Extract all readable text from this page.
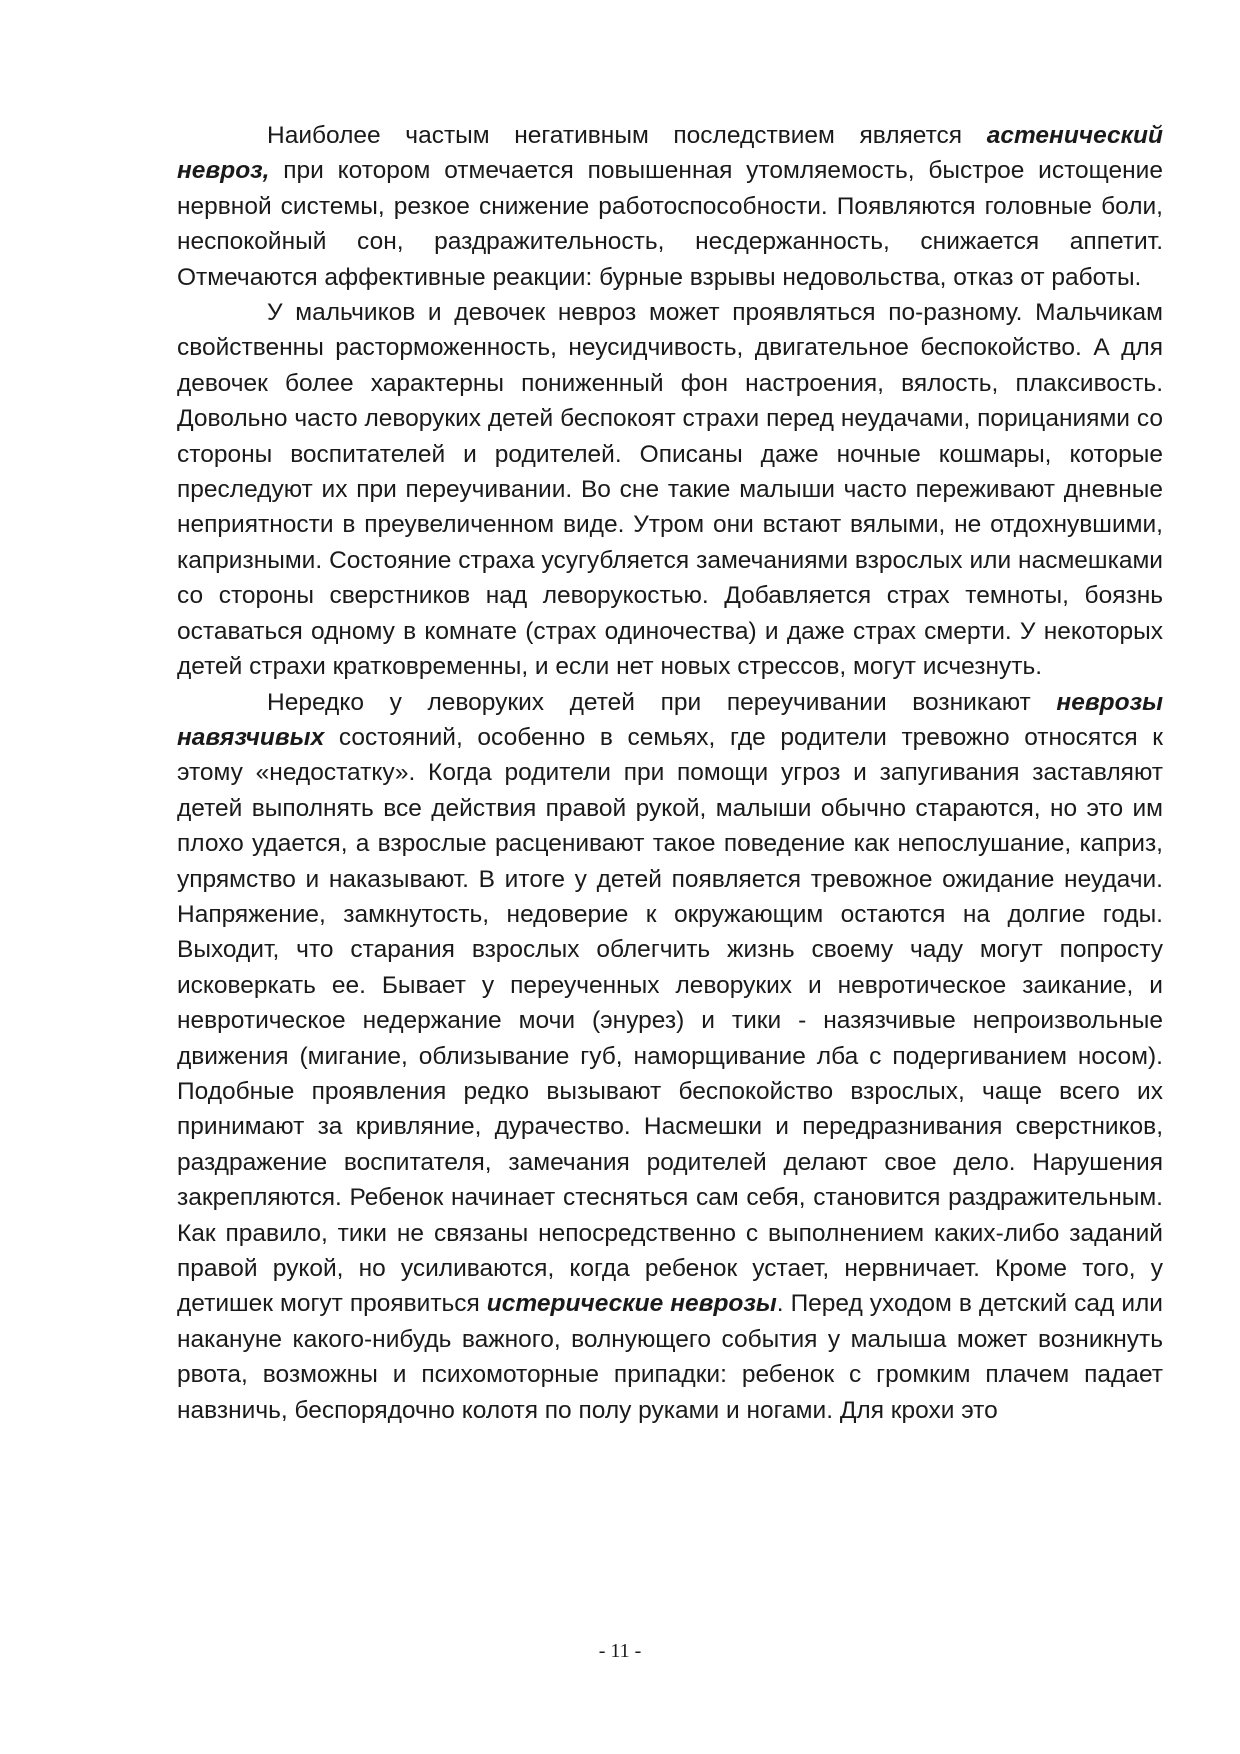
Наиболее частым негативным последствием является астенический невроз, при котором отмечается повышенная утомляемость, быстрое истощение нервной системы, резкое снижение работоспособности. Появляются головные боли, неспокойный сон, раздражительность, несдержанность, снижается аппетит. Отмечаются аффективные реакции: бурные взрывы недовольства, отказ от работы.

У мальчиков и девочек невроз может проявляться по-разному. Мальчикам свойственны расторможенность, неусидчивость, двигательное беспокойство. А для девочек более характерны пониженный фон настроения, вялость, плаксивость. Довольно часто леворуких детей беспокоят страхи перед неудачами, порицаниями со стороны воспитателей и родителей. Описаны даже ночные кошмары, которые преследуют их при переучивании. Во сне такие малыши часто переживают дневные неприятности в преувеличенном виде. Утром они встают вялыми, не отдохнувшими, капризными. Состояние страха усугубляется замечаниями взрослых или насмешками со стороны сверстников над леворукостью. Добавляется страх темноты, боязнь оставаться одному в комнате (страх одиночества) и даже страх смерти. У некоторых детей страхи кратковременны, и если нет новых стрессов, могут исчезнуть.

Нередко у леворуких детей при переучивании возникают неврозы навязчивых состояний, особенно в семьях, где родители тревожно относятся к этому «недостатку». Когда родители при помощи угроз и запугивания заставляют детей выполнять все действия правой рукой, малыши обычно стараются, но это им плохо удается, а взрослые расценивают такое поведение как непослушание, каприз, упрямство и наказывают. В итоге у детей появляется тревожное ожидание неудачи. Напряжение, замкнутость, недоверие к окружающим остаются на долгие годы. Выходит, что старания взрослых облегчить жизнь своему чаду могут попросту исковеркать ее. Бывает у переученных леворуких и невротическое заикание, и невротическое недержание мочи (энурез) и тики - назязчивые непроизвольные движения (мигание, облизывание губ, наморщивание лба с подергиванием носом). Подобные проявления редко вызывают беспокойство взрослых, чаще всего их принимают за кривляние, дурачество. Насмешки и передразнивания сверстников, раздражение воспитателя, замечания родителей делают свое дело. Нарушения закрепляются. Ребенок начинает стесняться сам себя, становится раздражительным. Как правило, тики не связаны непосредственно с выполнением каких-либо заданий правой рукой, но усиливаются, когда ребенок устает, нервничает. Кроме того, у детишек могут проявиться истерические неврозы. Перед уходом в детский сад или накануне какого-нибудь важного, волнующего события у малыша может возникнуть рвота, возможны и психомоторные припадки: ребенок с громким плачем падает навзничь, беспорядочно колотя по полу руками и ногами. Для крохи это

- 11 -
